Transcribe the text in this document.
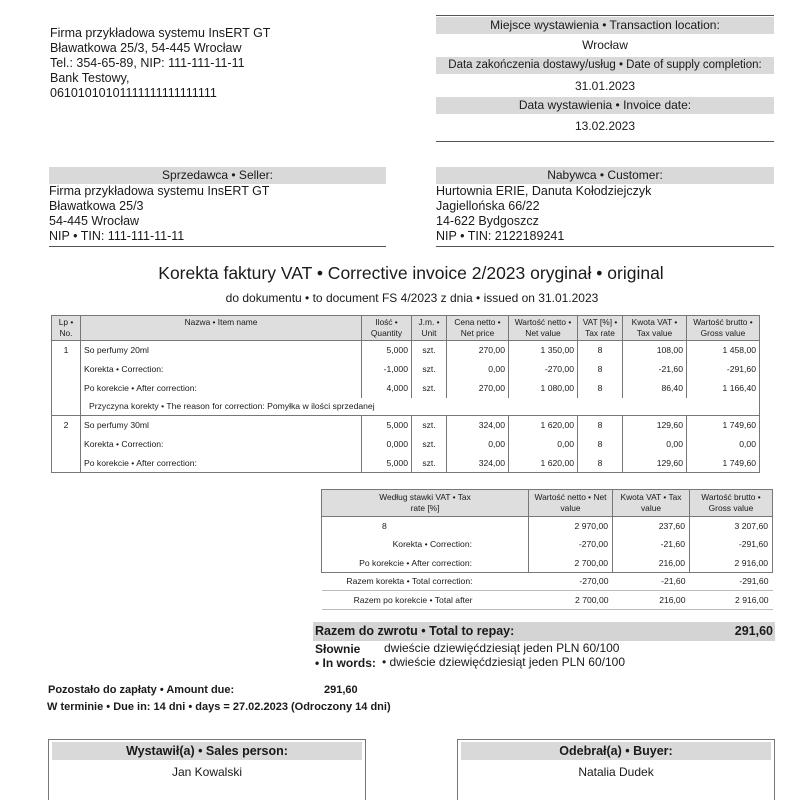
Firma przykładowa systemu InsERT GT
Bławatkowa 25/3, 54-445 Wrocław
Tel.: 354-65-89, NIP: 111-111-11-11
Bank Testowy,
06101010101111111111111111
Miejsce wystawienia • Transaction location:
Wrocław
Data zakończenia dostawy/usług • Date of supply completion:
31.01.2023
Data wystawienia • Invoice date:
13.02.2023
Sprzedawca • Seller:
Firma przykładowa systemu InsERT GT
Bławatkowa 25/3
54-445 Wrocław
NIP • TIN: 111-111-11-11
Nabywca • Customer:
Hurtownia ERIE, Danuta Kołodziejczyk
Jagiellońska 66/22
14-622 Bydgoszcz
NIP • TIN: 2122189241
Korekta faktury VAT • Corrective invoice 2/2023 oryginał • original
do dokumentu • to document FS 4/2023 z dnia • issued on 31.01.2023
Lp • No.	Nazwa • Item name	Ilość • Quantity	J.m. • Unit	Cena netto • Net price	Wartość netto • Net value	VAT [%] • Tax rate	Kwota VAT • Tax value	Wartość brutto • Gross value
1	So perfumy 20ml	5,000	szt.	270,00	1 350,00	8	108,00	1 458,00
	Korekta • Correction:	-1,000	szt.	0,00	-270,00	8	-21,60	-291,60
	Po korekcie • After correction:	4,000	szt.	270,00	1 080,00	8	86,40	1 166,40
	Przyczyna korekty • The reason for correction: Pomyłka w ilości sprzedanej							
2	So perfumy 30ml	5,000	szt.	324,00	1 620,00	8	129,60	1 749,60
	Korekta • Correction:	0,000	szt.	0,00	0,00	8	0,00	0,00
	Po korekcie • After correction:	5,000	szt.	324,00	1 620,00	8	129,60	1 749,60
Według stawki VAT • Tax rate [%]	Wartość netto • Net value	Kwota VAT • Tax value	Wartość brutto • Gross value
8	2 970,00	237,60	3 207,60
Korekta • Correction:	-270,00	-21,60	-291,60
Po korekcie • After correction:	2 700,00	216,00	2 916,00
Razem korekta • Total correction:	-270,00	-21,60	-291,60
Razem po korekcie • Total after	2 700,00	216,00	2 916,00
Razem do zwrotu • Total to repay:	291,60
Słownie
• In words:
dwieście dziewięćdziesiąt jeden PLN 60/100
• dwieście dziewięćdziesiąt jeden PLN 60/100
Pozostało do zapłaty • Amount due:	291,60
W terminie • Due in: 14 dni • days = 27.02.2023 (Odroczony 14 dni)
Wystawił(a) • Sales person:
Jan Kowalski
Odebrał(a) • Buyer:
Natalia Dudek
